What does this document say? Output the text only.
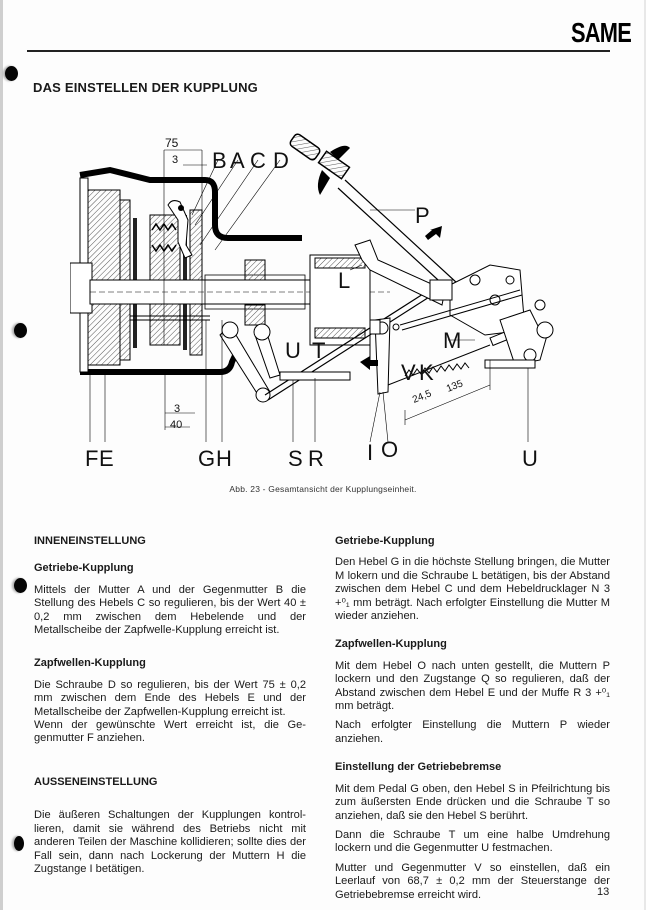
SAME
DAS EINSTELLEN DER KUPPLUNG
75
3 B A C D
P
L
M
U T
V K
3
40
24,5
135
F E	G H	S R I O	U
Abb. 23 - Gesamtansicht der Kupplungseinheit.
INNENEINSTELLUNG
Getriebe-Kupplung

Mittels der Mutter A und der Gegenmutter B die Stellung des Hebels C so regulieren, bis der Wert 40 ± 0,2 mm zwischen dem Hebelende und der Metallscheibe der Zapfwelle-Kupplung erreicht ist.

Zapfwellen-Kupplung

Die Schraube D so regulieren, bis der Wert 75 ± 0,2 mm zwischen dem Ende des Hebels E und der Metallscheibe der Zapfwellen-Kupplung erreicht ist.

Wenn der gewünschte Wert erreicht ist, die Gegenmutter F anziehen.

AUSSENEINSTELLUNG

Die äußeren Schaltungen der Kupplungen kontrollieren, damit sie während des Betriebs nicht mit anderen Teilen der Maschine kollidieren; sollte dies der Fall sein, dann nach Lockerung der Muttern H die Zugstange I betätigen.

Getriebe-Kupplung

Den Hebel G in die höchste Stellung bringen, die Mutter M lokern und die Schraube L betätigen, bis der Abstand zwischen dem Hebel C und dem Hebeldrucklager N 3 +⁰₁ mm beträgt. Nach erfolgter Einstellung die Mutter M wieder anziehen.

Zapfwellen-Kupplung

Mit dem Hebel O nach unten gestellt, die Muttern P lockern und den Zugstange Q so regulieren, daß der Abstand zwischen dem Hebel E und der Muffe R 3 +⁰₁ mm beträgt.

Nach erfolgter Einstellung die Muttern P wieder anziehen.

Einstellung der Getriebebremse

Mit dem Pedal G oben, den Hebel S in Pfeilrichtung bis zum äußersten Ende drücken und die Schraube T so anziehen, daß sie den Hebel S berührt.

Dann die Schraube T um eine halbe Umdrehung lockern und die Gegenmutter U festmachen.

Mutter und Gegenmutter V so einstellen, daß ein Leerlauf von 68,7 ± 0,2 mm der Steuerstange der Getriebebremse erreicht wird.	13
